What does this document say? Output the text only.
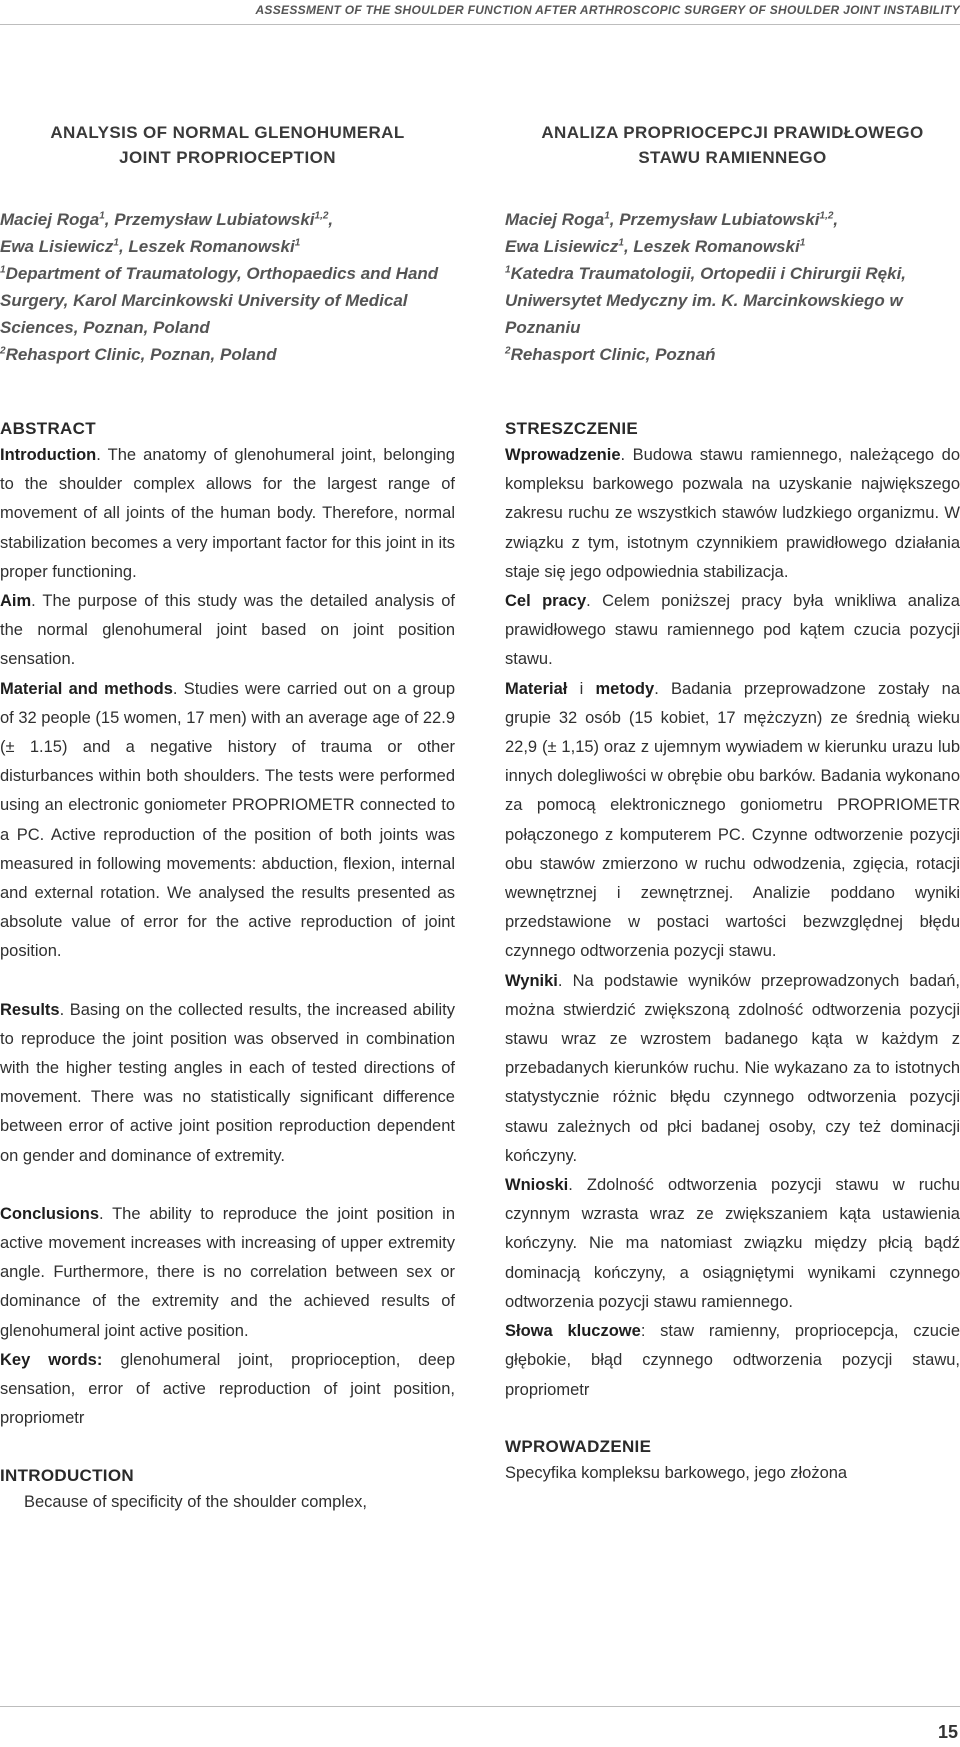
ASSESSMENT OF THE SHOULDER FUNCTION AFTER ARTHROSCOPIC SURGERY OF SHOULDER JOINT INSTABILITY
ANALYSIS OF NORMAL GLENOHUMERAL
JOINT PROPRIOCEPTION
Maciej Roga$^1$, Przemysław Lubiatowski$^{1,2}$,
Ewa Lisiewicz$^1$, Leszek Romanowski$^1$
$^1$Department of Traumatology, Orthopaedics and Hand Surgery, Karol Marcinkowski University of Medical Sciences, Poznan, Poland
$^2$Rehasport Clinic, Poznan, Poland
ABSTRACT

Introduction. The anatomy of glenohumeral joint, belonging to the shoulder complex allows for the largest range of movement of all joints of the human body. Therefore, normal stabilization becomes a very important factor for this joint in its proper functioning.

Aim. The purpose of this study was the detailed analysis of the normal glenohumeral joint based on joint position sensation.

Material and methods. Studies were carried out on a group of 32 people (15 women, 17 men) with an average age of 22.9 (± 1.15) and a negative history of trauma or other disturbances within both shoulders. The tests were performed using an electronic goniometer PROPRIOMETR connected to a PC. Active reproduction of the position of both joints was measured in following movements: abduction, flexion, internal and external rotation. We analysed the results presented as absolute value of error for the active reproduction of joint position.

Results. Basing on the collected results, the increased ability to reproduce the joint position was observed in combination with the higher testing angles in each of tested directions of movement. There was no statistically significant difference between error of active joint position reproduction dependent on gender and dominance of extremity.

Conclusions. The ability to reproduce the joint position in active movement increases with increasing of upper extremity angle. Furthermore, there is no correlation between sex or dominance of the extremity and the achieved results of glenohumeral joint active position.

Key words: glenohumeral joint, proprioception, deep sensation, error of active reproduction of joint position, propriometr

INTRODUCTION

Because of specificity of the shoulder complex,

ANALIZA PROPRIOCEPCJI PRAWIDŁOWEGO
STAWU RAMIENNEGO
Maciej Roga$^1$, Przemysław Lubiatowski$^{1,2}$,
Ewa Lisiewicz$^1$, Leszek Romanowski$^1$
$^1$Katedra Traumatologii, Ortopedii i Chirurgii Ręki, Uniwersytet Medyczny im. K. Marcinkowskiego w Poznaniu
$^2$Rehasport Clinic, Poznań
STRESZCZENIE

Wprowadzenie. Budowa stawu ramiennego, należącego do kompleksu barkowego pozwala na uzyskanie największego zakresu ruchu ze wszystkich stawów ludzkiego organizmu. W związku z tym, istotnym czynnikiem prawidłowego działania staje się jego odpowiednia stabilizacja.

Cel pracy. Celem poniższej pracy była wnikliwa analiza prawidłowego stawu ramiennego pod kątem czucia pozycji stawu.

Materiał i metody. Badania przeprowadzone zostały na grupie 32 osób (15 kobiet, 17 mężczyzn) ze średnią wieku 22,9 (± 1,15) oraz z ujemnym wywiadem w kierunku urazu lub innych dolegliwości w obrębie obu barków. Badania wykonano za pomocą elektronicznego goniometru PROPRIOMETR połączonego z komputerem PC. Czynne odtworzenie pozycji obu stawów zmierzono w ruchu odwodzenia, zgięcia, rotacji wewnętrznej i zewnętrznej. Analizie poddano wyniki przedstawione w postaci wartości bezwzględnej błędu czynnego odtworzenia pozycji stawu.

Wyniki. Na podstawie wyników przeprowadzonych badań, można stwierdzić zwiększoną zdolność odtworzenia pozycji stawu wraz ze wzrostem badanego kąta w każdym z przebadanych kierunków ruchu. Nie wykazano za to istotnych statystycznie różnic błędu czynnego odtworzenia pozycji stawu zależnych od płci badanej osoby, czy też dominacji kończyny.

Wnioski. Zdolność odtworzenia pozycji stawu w ruchu czynnym wzrasta wraz ze zwiększaniem kąta ustawienia kończyny. Nie ma natomiast związku między płcią bądź dominacją kończyny, a osiągniętymi wynikami czynnego odtworzenia pozycji stawu ramiennego.

Słowa kluczowe: staw ramienny, propriocepcja, czucie głębokie, błąd czynnego odtworzenia pozycji stawu, propriometr

WPROWADZENIE

Specyfika kompleksu barkowego, jego złożona

15
